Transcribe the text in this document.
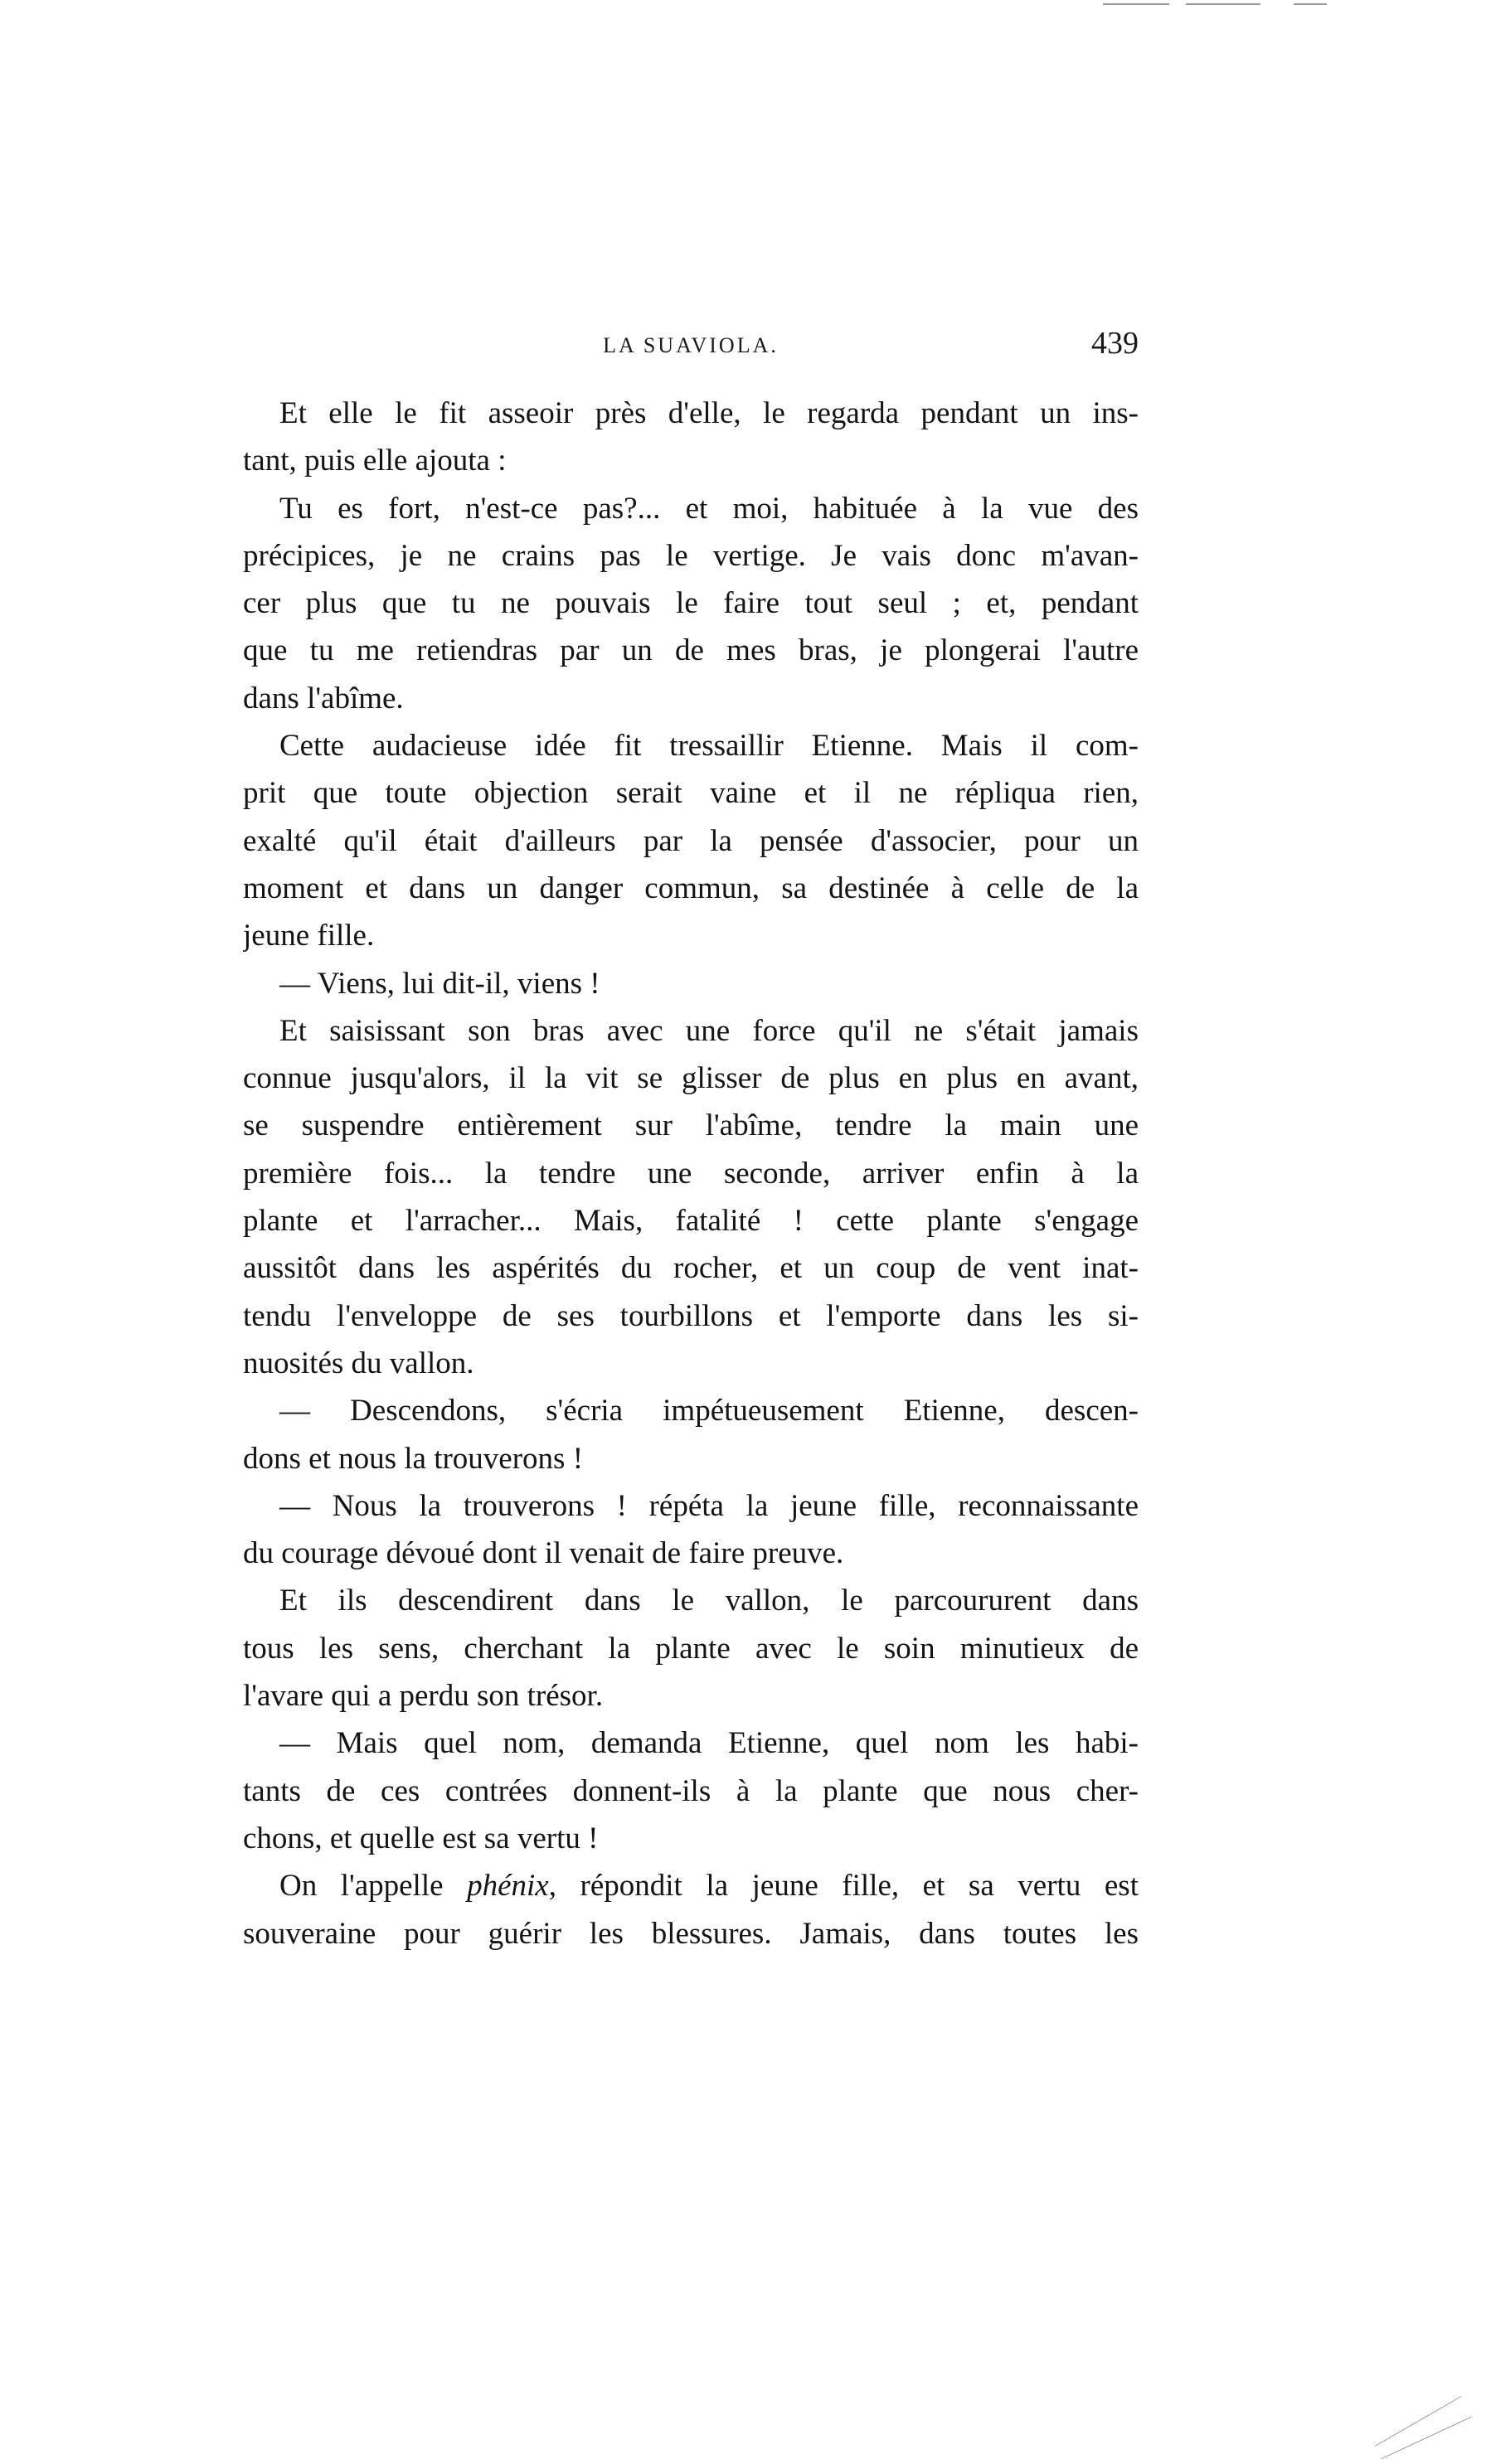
LA SUAVIOLA.	439
Et elle le fit asseoir près d'elle, le regarda pendant un ins-
tant, puis elle ajouta :
Tu es fort, n'est-ce pas?... et moi, habituée à la vue des
précipices, je ne crains pas le vertige. Je vais donc m'avan-
cer plus que tu ne pouvais le faire tout seul ; et, pendant
que tu me retiendras par un de mes bras, je plongerai l'autre
dans l'abîme.
Cette audacieuse idée fit tressaillir Etienne. Mais il com-
prit que toute objection serait vaine et il ne répliqua rien,
exalté qu'il était d'ailleurs par la pensée d'associer, pour un
moment et dans un danger commun, sa destinée à celle de la
jeune fille.
— Viens, lui dit-il, viens !
Et saisissant son bras avec une force qu'il ne s'était jamais
connue jusqu'alors, il la vit se glisser de plus en plus en avant,
se suspendre entièrement sur l'abîme, tendre la main une
première fois... la tendre une seconde, arriver enfin à la
plante et l'arracher... Mais, fatalité ! cette plante s'engage
aussitôt dans les aspérités du rocher, et un coup de vent inat-
tendu l'enveloppe de ses tourbillons et l'emporte dans les si-
nuosités du vallon.
— Descendons, s'écria impétueusement Etienne, descen-
dons et nous la trouverons !
— Nous la trouverons ! répéta la jeune fille, reconnaissante
du courage dévoué dont il venait de faire preuve.
Et ils descendirent dans le vallon, le parcoururent dans
tous les sens, cherchant la plante avec le soin minutieux de
l'avare qui a perdu son trésor.
— Mais quel nom, demanda Etienne, quel nom les habi-
tants de ces contrées donnent-ils à la plante que nous cher-
chons, et quelle est sa vertu !
On l'appelle phénix, répondit la jeune fille, et sa vertu est
souveraine pour guérir les blessures. Jamais, dans toutes les
